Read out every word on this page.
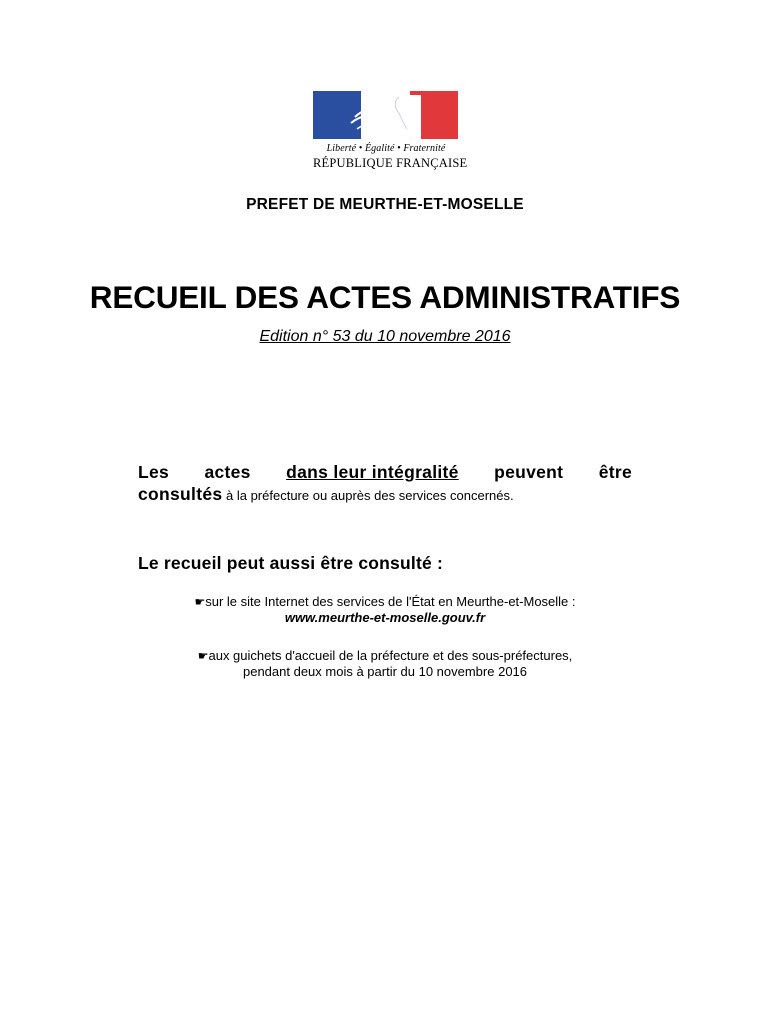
Liberté • Égalité • Fraternité
RÉPUBLIQUE FRANÇAISE
PREFET DE MEURTHE-ET-MOSELLE
RECUEIL DES ACTES ADMINISTRATIFS
Edition n° 53 du 10 novembre 2016
Les actes dans leur intégralité peuvent être
consultés à la préfecture ou auprès des services concernés.
Le recueil peut aussi être consulté :
☛sur le site Internet des services de l'État en Meurthe-et-Moselle :
www.meurthe-et-moselle.gouv.fr
☛aux guichets d'accueil de la préfecture et des sous-préfectures,
pendant deux mois à partir du 10 novembre 2016
